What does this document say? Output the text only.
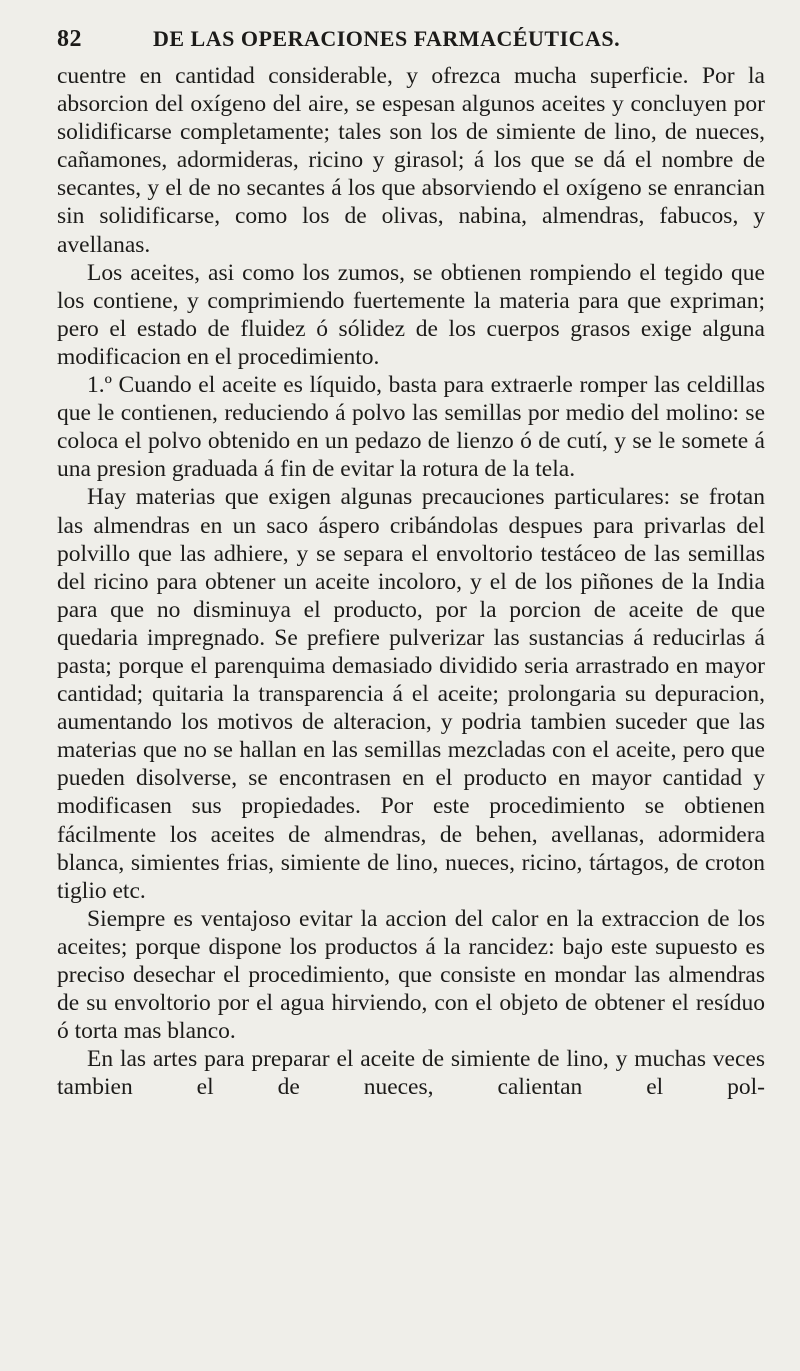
82	DE LAS OPERACIONES FARMACÉUTICAS.

cuentre en cantidad considerable, y ofrezca mucha superficie. Por la absorcion del oxígeno del aire, se espesan algunos aceites y concluyen por solidificarse completamente; tales son los de simiente de lino, de nueces, cañamones, adormideras, ricino y girasol; á los que se dá el nombre de secantes, y el de no secantes á los que absorviendo el oxígeno se enrancian sin solidificarse, como los de olivas, nabina, almendras, fabucos, y avellanas.

Los aceites, asi como los zumos, se obtienen rompiendo el tegido que los contiene, y comprimiendo fuertemente la materia para que expriman; pero el estado de fluidez ó sólidez de los cuerpos grasos exige alguna modificacion en el procedimiento.

1.º Cuando el aceite es líquido, basta para extraerle romper las celdillas que le contienen, reduciendo á polvo las semillas por medio del molino: se coloca el polvo obtenido en un pedazo de lienzo ó de cutí, y se le somete á una presion graduada á fin de evitar la rotura de la tela.

Hay materias que exigen algunas precauciones particulares: se frotan las almendras en un saco áspero cribándolas despues para privarlas del polvillo que las adhiere, y se separa el envoltorio testáceo de las semillas del ricino para obtener un aceite incoloro, y el de los piñones de la India para que no disminuya el producto, por la porcion de aceite de que quedaria impregnado. Se prefiere pulverizar las sustancias á reducirlas á pasta; porque el parenquima demasiado dividido seria arrastrado en mayor cantidad; quitaria la transparencia á el aceite; prolongaria su depuracion, aumentando los motivos de alteracion, y podria tambien suceder que las materias que no se hallan en las semillas mezcladas con el aceite, pero que pueden disolverse, se encontrasen en el producto en mayor cantidad y modificasen sus propiedades. Por este procedimiento se obtienen fácilmente los aceites de almendras, de behen, avellanas, adormidera blanca, simientes frias, simiente de lino, nueces, ricino, tártagos, de croton tiglio etc.

Siempre es ventajoso evitar la accion del calor en la extraccion de los aceites; porque dispone los productos á la rancidez: bajo este supuesto es preciso desechar el procedimiento, que consiste en mondar las almendras de su envoltorio por el agua hirviendo, con el objeto de obtener el resíduo ó torta mas blanco.

En las artes para preparar el aceite de simiente de lino, y muchas veces tambien el de nueces, calientan el pol-
